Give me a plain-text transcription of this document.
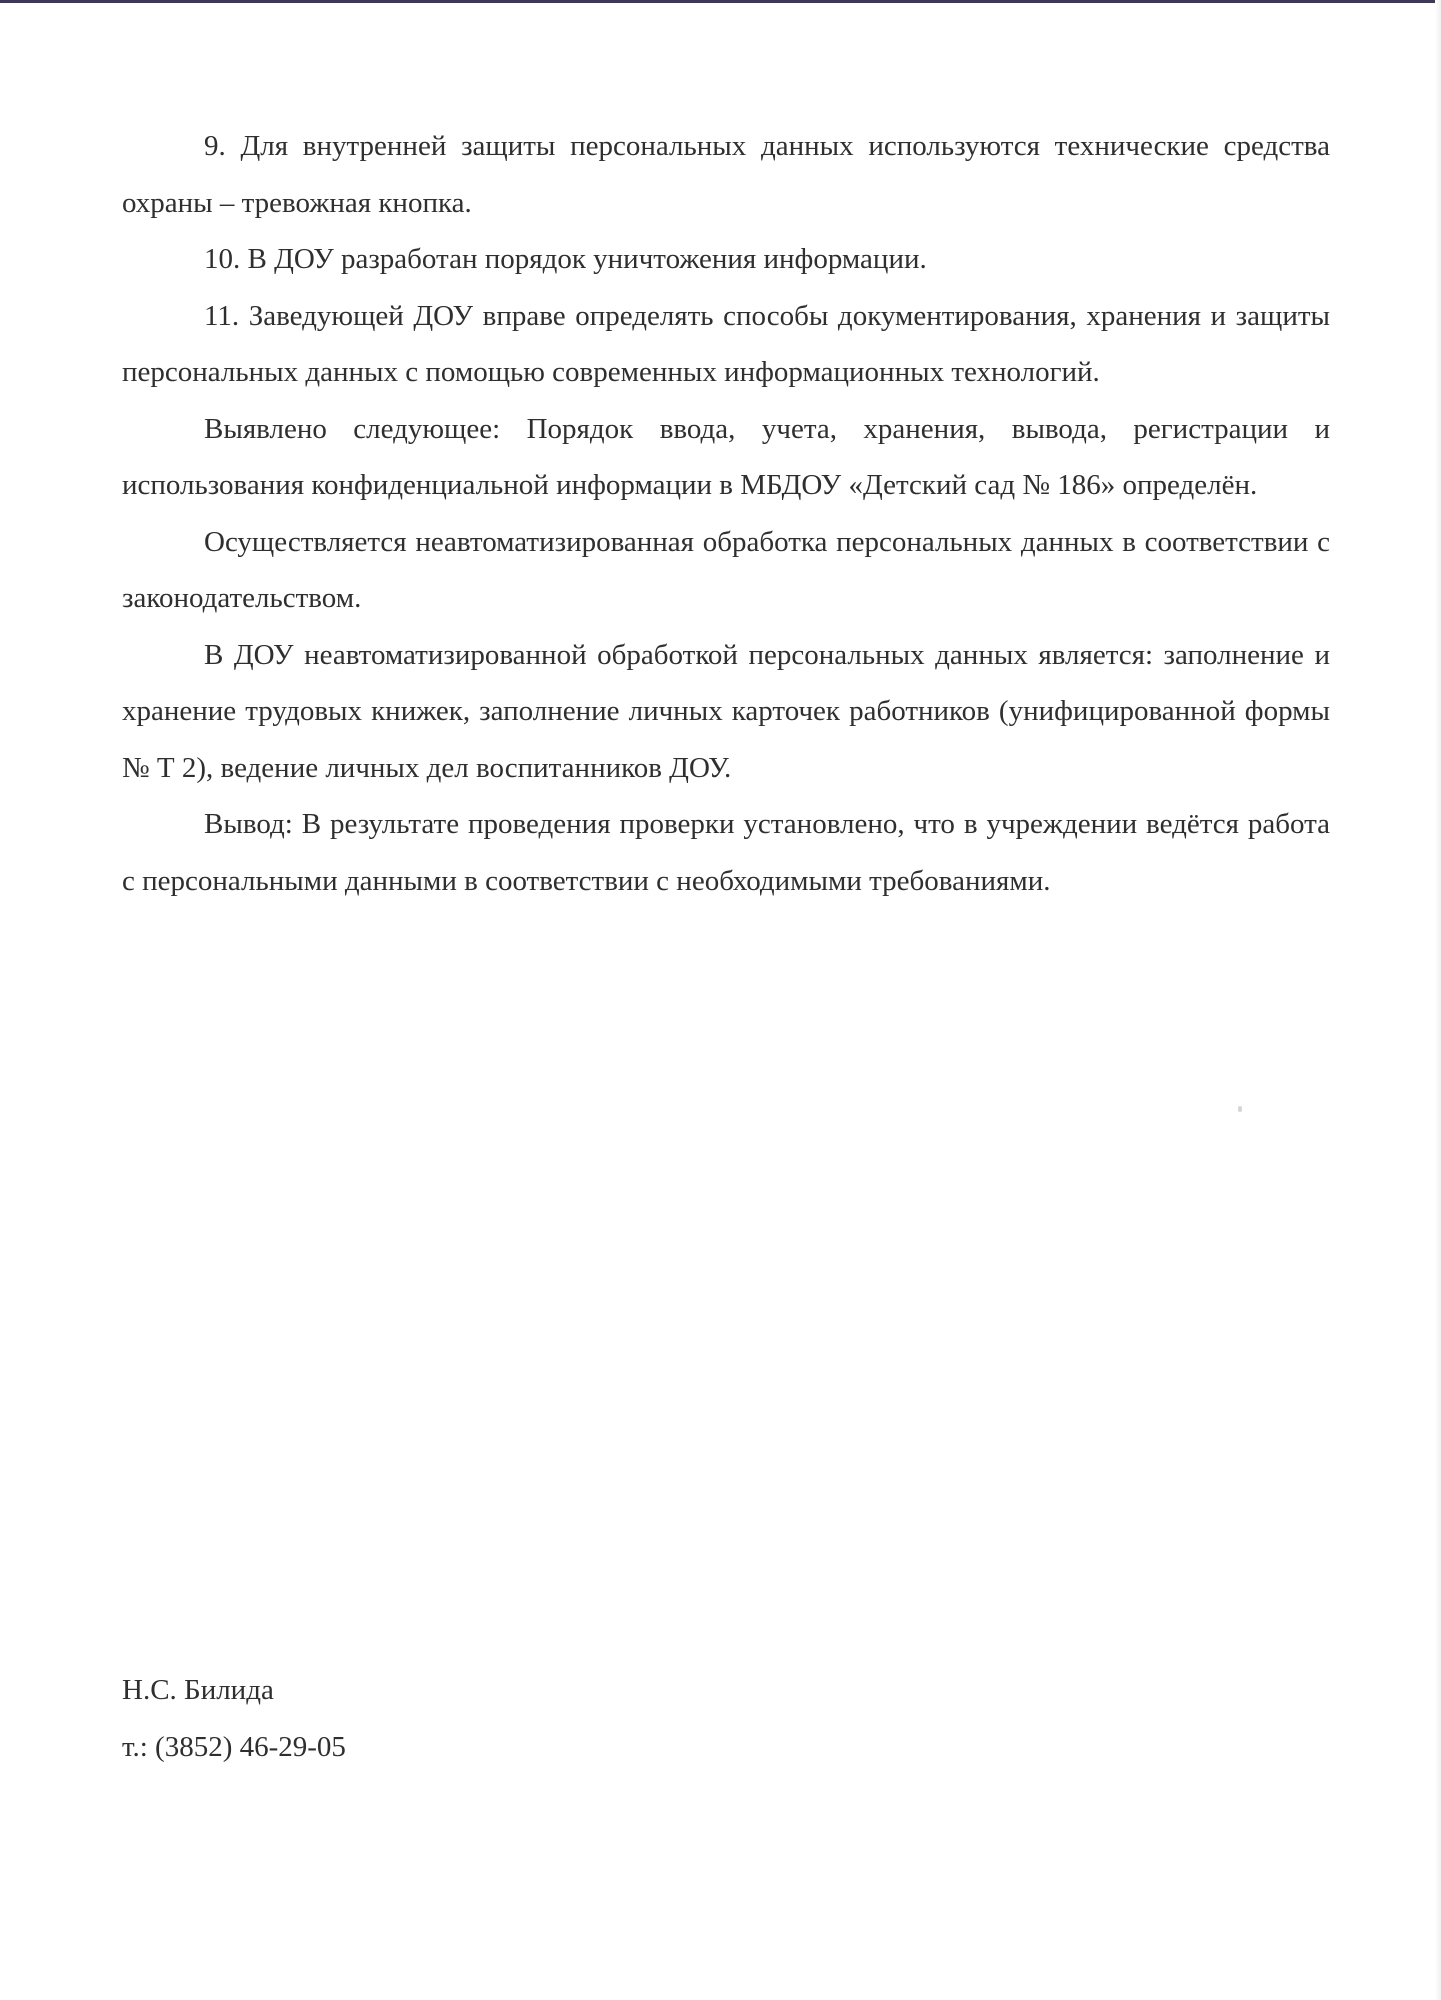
9. Для внутренней защиты персональных данных используются технические средства охраны – тревожная кнопка.

10. В ДОУ разработан порядок уничтожения информации.

11. Заведующей ДОУ вправе определять способы документирования, хранения и защиты персональных данных с помощью современных информационных технологий.

Выявлено следующее: Порядок ввода, учета, хранения, вывода, регистрации и использования конфиденциальной информации в МБДОУ «Детский сад № 186» определён.

Осуществляется неавтоматизированная обработка персональных данных в соответствии с законодательством.

В ДОУ неавтоматизированной обработкой персональных данных является: заполнение и хранение трудовых книжек, заполнение личных карточек работников (унифицированной формы № Т 2), ведение личных дел воспитанников ДОУ.

Вывод: В результате проведения проверки установлено, что в учреждении ведётся работа с персональными данными в соответствии с необходимыми требованиями.

Н.С. Билида
т.: (3852) 46-29-05
